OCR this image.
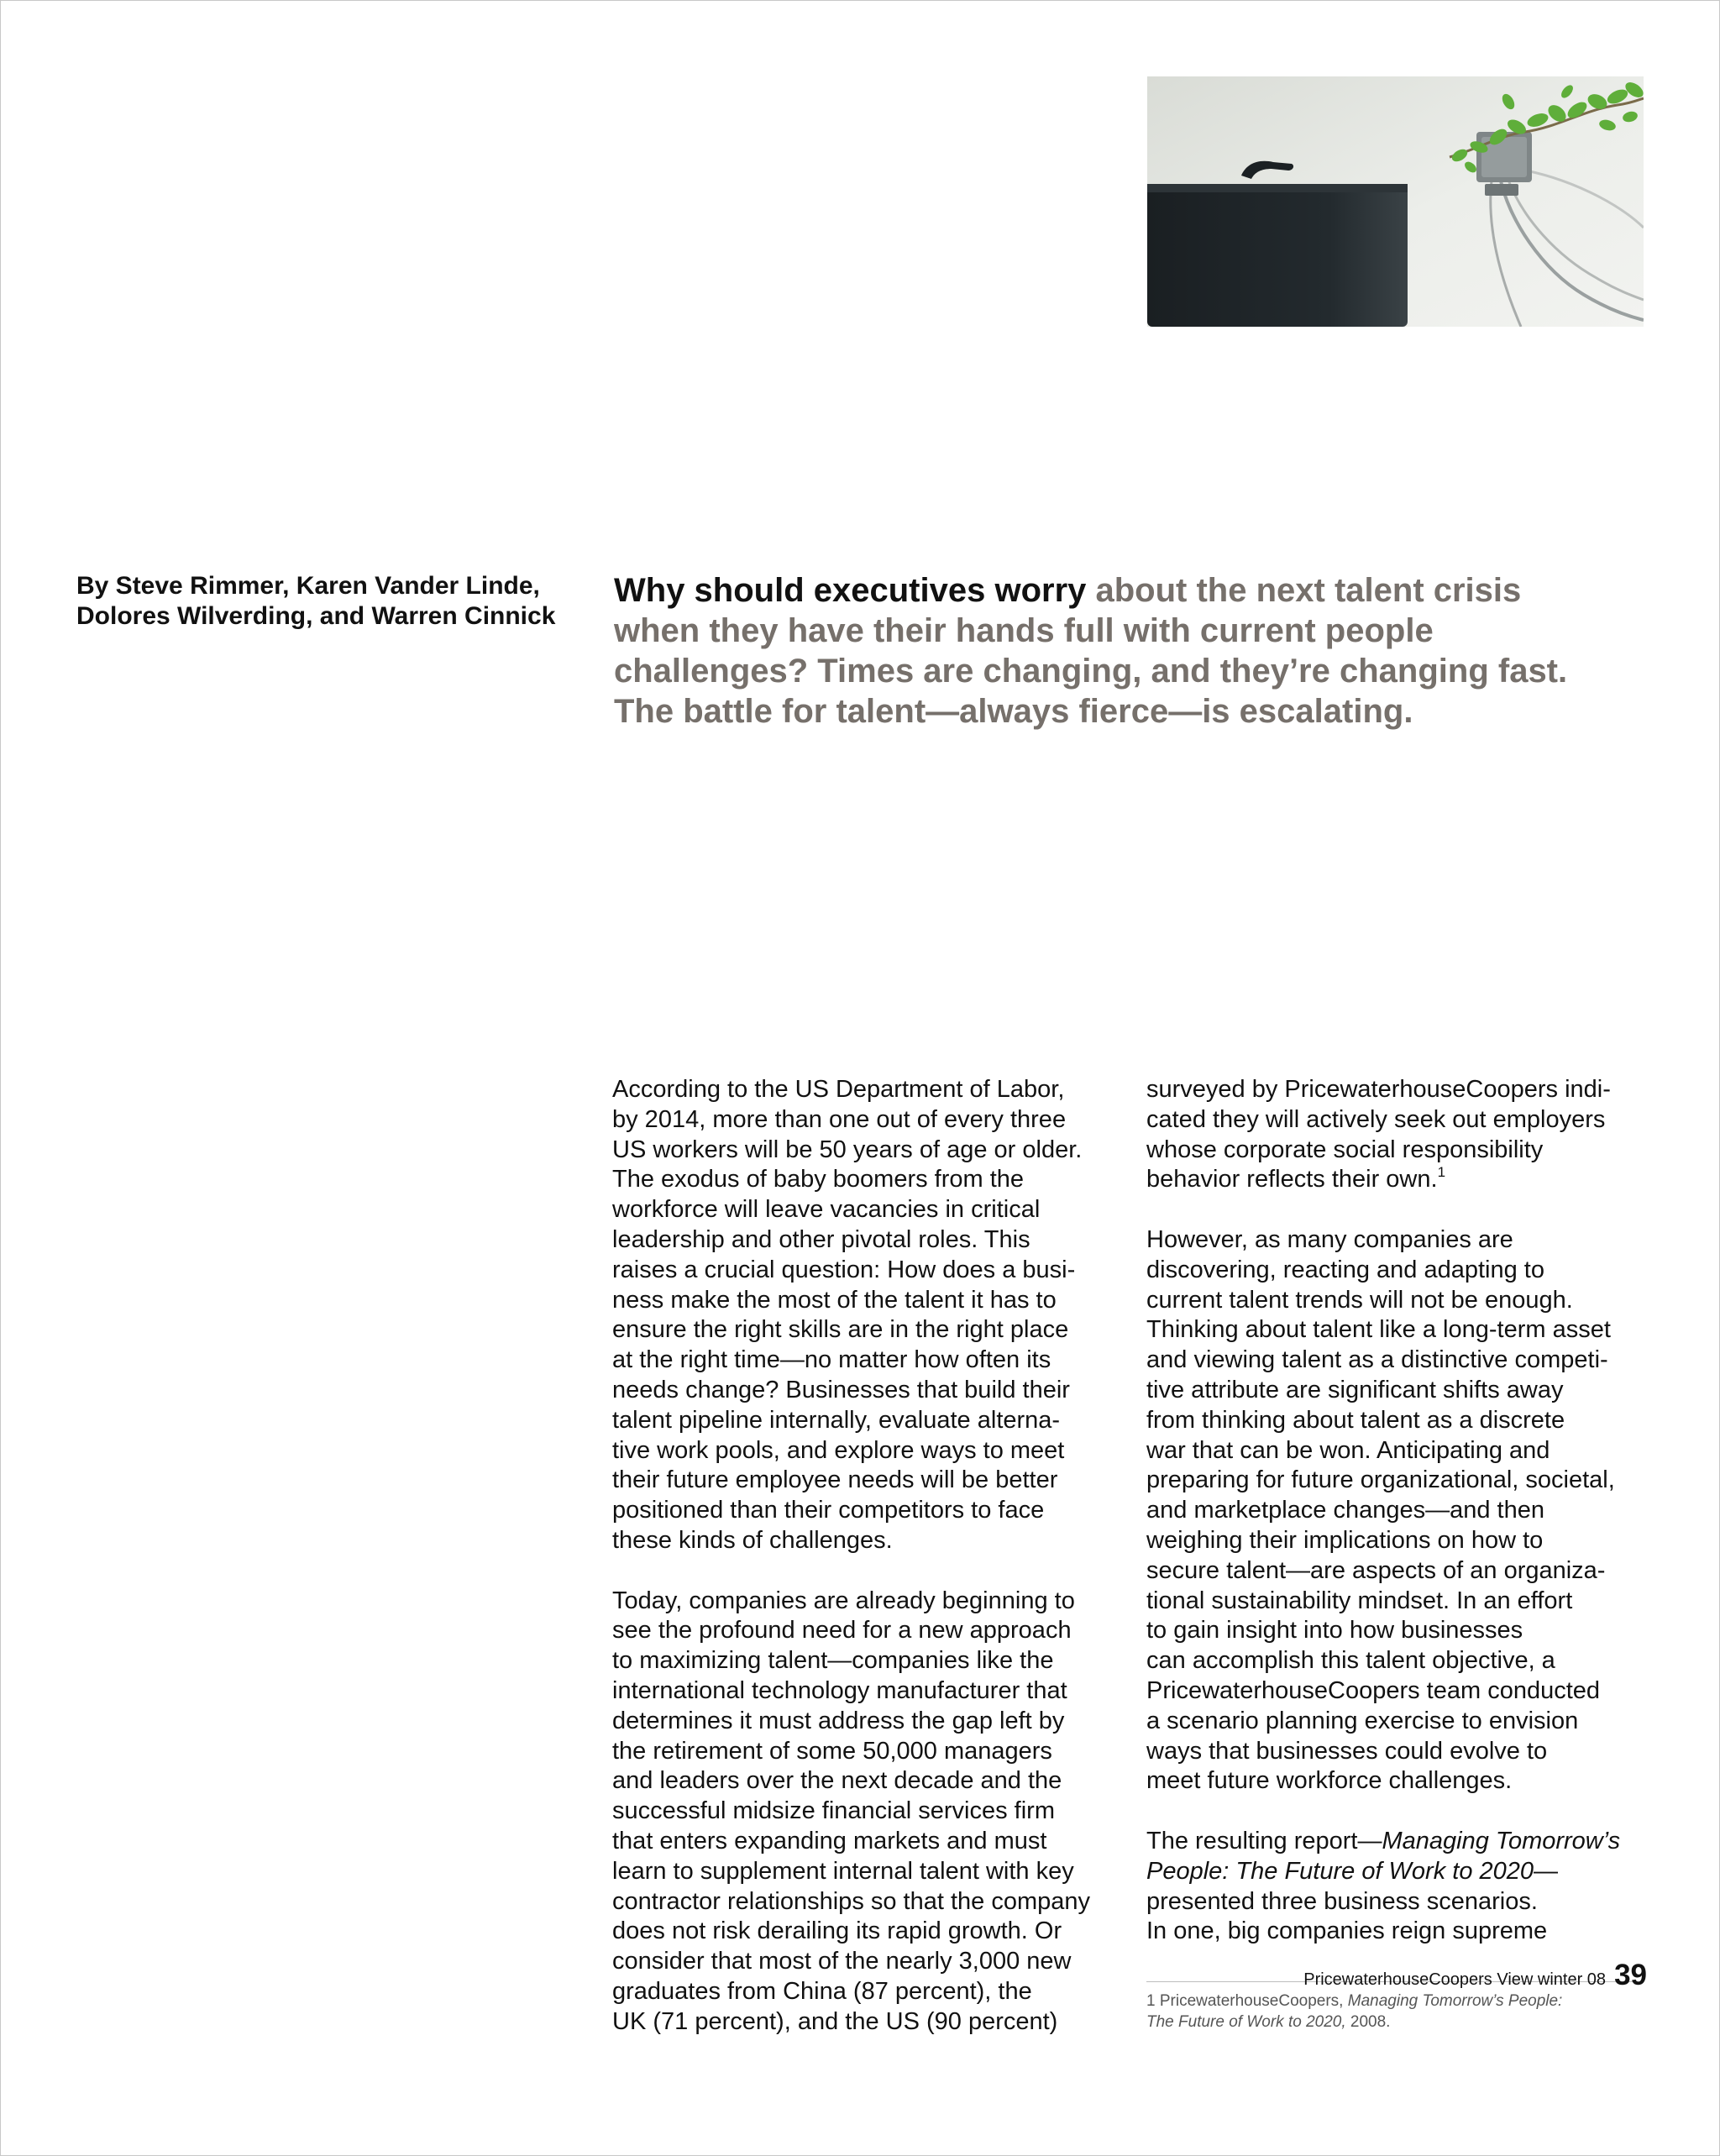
By Steve Rimmer, Karen Vander Linde,
Dolores Wilverding, and Warren Cinnick
Why should executives worry about the next talent crisis
when they have their hands full with current people
challenges? Times are changing, and they’re changing fast.
The battle for talent—always fierce—is escalating.
According to the US Department of Labor,
by 2014, more than one out of every three
US workers will be 50 years of age or older.
The exodus of baby boomers from the
workforce will leave vacancies in critical
leadership and other pivotal roles. This
raises a crucial question: How does a busi-
ness make the most of the talent it has to
ensure the right skills are in the right place
at the right time—no matter how often its
needs change? Businesses that build their
talent pipeline internally, evaluate alterna-
tive work pools, and explore ways to meet
their future employee needs will be better
positioned than their competitors to face
these kinds of challenges.
Today, companies are already beginning to
see the profound need for a new approach
to maximizing talent—companies like the
international technology manufacturer that
determines it must address the gap left by
the retirement of some 50,000 managers
and leaders over the next decade and the
successful midsize financial services firm
that enters expanding markets and must
learn to supplement internal talent with key
contractor relationships so that the company
does not risk derailing its rapid growth. Or
consider that most of the nearly 3,000 new
graduates from China (87 percent), the
UK (71 percent), and the US (90 percent)
surveyed by PricewaterhouseCoopers indi-
cated they will actively seek out employers
whose corporate social responsibility
behavior reflects their own.$^1$
However, as many companies are
discovering, reacting and adapting to
current talent trends will not be enough.
Thinking about talent like a long-term asset
and viewing talent as a distinctive competi-
tive attribute are significant shifts away
from thinking about talent as a discrete
war that can be won. Anticipating and
preparing for future organizational, societal,
and marketplace changes—and then
weighing their implications on how to
secure talent—are aspects of an organiza-
tional sustainability mindset. In an effort
to gain insight into how businesses
can accomplish this talent objective, a
PricewaterhouseCoopers team conducted
a scenario planning exercise to envision
ways that businesses could evolve to
meet future workforce challenges.
The resulting report—Managing Tomorrow’s
People: The Future of Work to 2020—
presented three business scenarios.
In one, big companies reign supreme
1 PricewaterhouseCoopers, Managing Tomorrow’s People:
The Future of Work to 2020, 2008.
PricewaterhouseCoopers View winter 08 39
